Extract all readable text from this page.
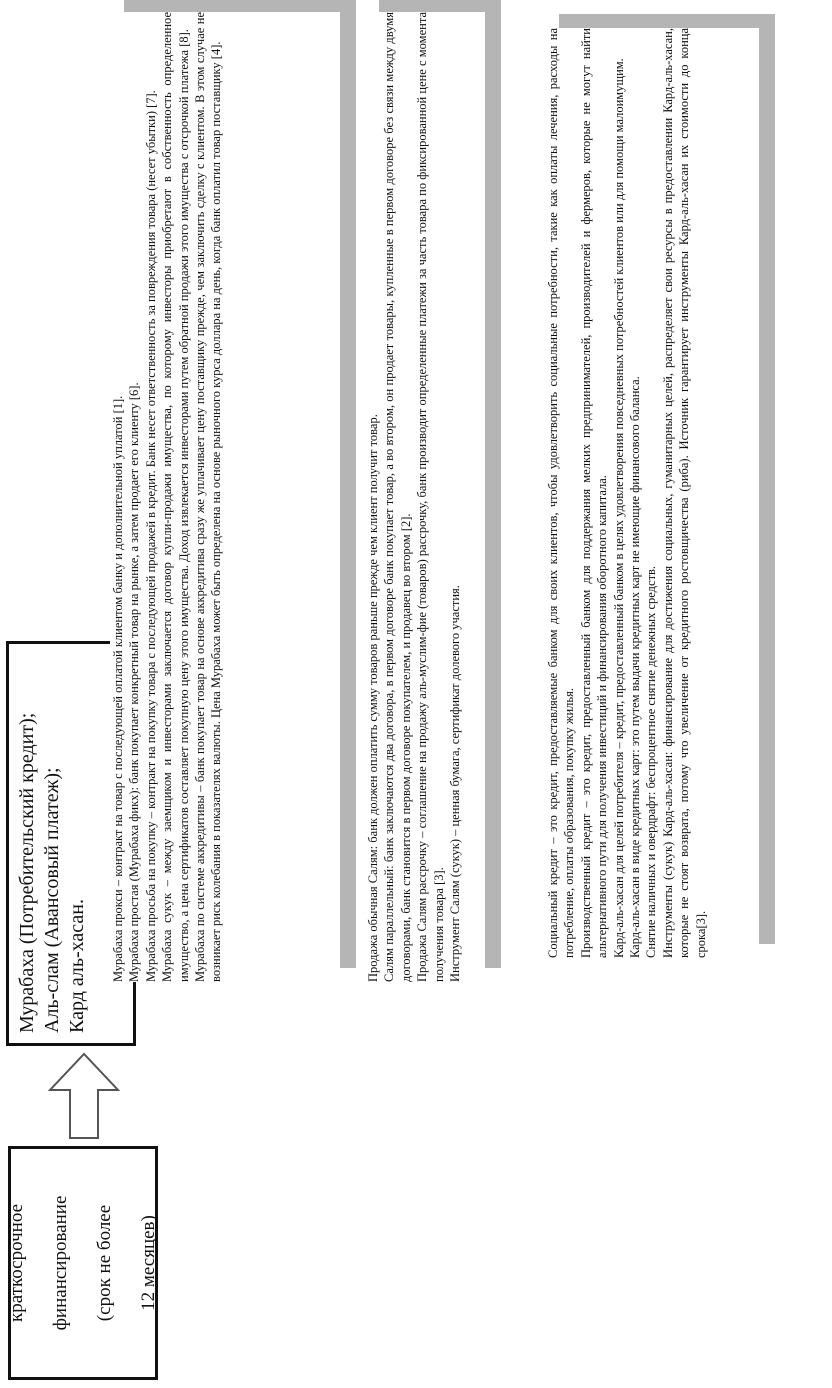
краткосрочное финансирование (срок не более 12 месяцев)

Мурабаха (Потребительский кредит); Аль-слам (Авансовый платеж); Кард аль-хасан. Мурабаха прокси – контракт на товар с последующей оплатой клиентом банку и дополнительной уплатой [1]. Мурабаха простая (Мурабаха фикх): банк покупает конкретный товар на рынке, а затем продает его клиенту [6]. Мурабаха просьба на покупку – контракт на покупку товара с последующей продажей в кредит. Банк несет ответственность за повреждения товара (несет убытки) [7]. Мурабаха сукук – между заемщиком и инвесторами заключается договор купли-продажи имущества, по которому инвесторы приобретают в собственность определенное имущество, а цена сертификатов составляет покупную цену этого имущества. Доход извлекается инвесторами путем обратной продажи этого имущества с отсрочкой платежа [8]. Мурабаха по системе аккредитивы – банк покупает товар на основе аккредитива сразу же уплачивает цену поставщику прежде, чем заключить сделку с клиентом. В этом случае не возникает риск колебания в показателях валюты. Цена Мурабаха может быть определена на основе рыночного курса доллара на день, когда банк оплатил товар поставщику [4].	Продажа обычная Салям: банк должен оплатить сумму товаров раньше прежде чем клиент получит товар. Салям параллельный: банк заключаются два договора, в первом договоре банк покупает товар, а во втором, он продает товары, купленные в первом договоре без связи между двумя договорами, банк становится в первом договоре покупателем, и продавец во втором [2]. Продажа Салям рассрочку – соглашение на продажу аль-муслим-фие (товаров) рассрочку, банк производит определенные платежи за часть товара по фиксированной цене с момента получения товара [3]. Инструмент Салям (сукук) – ценная бумага, сертификат долевого участия.	Социальный кредит – это кредит, предоставляемые банком для своих клиентов, чтобы удовлетворить социальные потребности, такие как оплаты лечения, расходы на потребление, оплаты образования, покупку жилья. Производственный кредит – это кредит, предоставленный банком для поддержания мелких предпринимателей, производителей и фермеров, которые не могут найти альтернативного пути для получения инвестиций и финансирования оборотного капитала. Кард-аль-хасан для целей потребителя – кредит, предоставленный банком в целях удовлетворения повседневных потребностей клиентов или для помощи малоимущим. Кард-аль-хасан в виде кредитных карт: это путем выдачи кредитных карт не имеющие финансового баланса. Снятие наличных и овердрафт: беспроцентное снятие денежных средств. Инструменты (сукук) Кард-аль-хасан: финансирование для достижения социальных, гуманитарных целей, распределяет свои ресурсы в предоставлении Кард-аль-хасан, которые не стоят возврата, потому что увеличение от кредитного ростовщичества (риба). Источник гарантирует инструменты Кард-аль-хасан их стоимости до конца срока[3].
